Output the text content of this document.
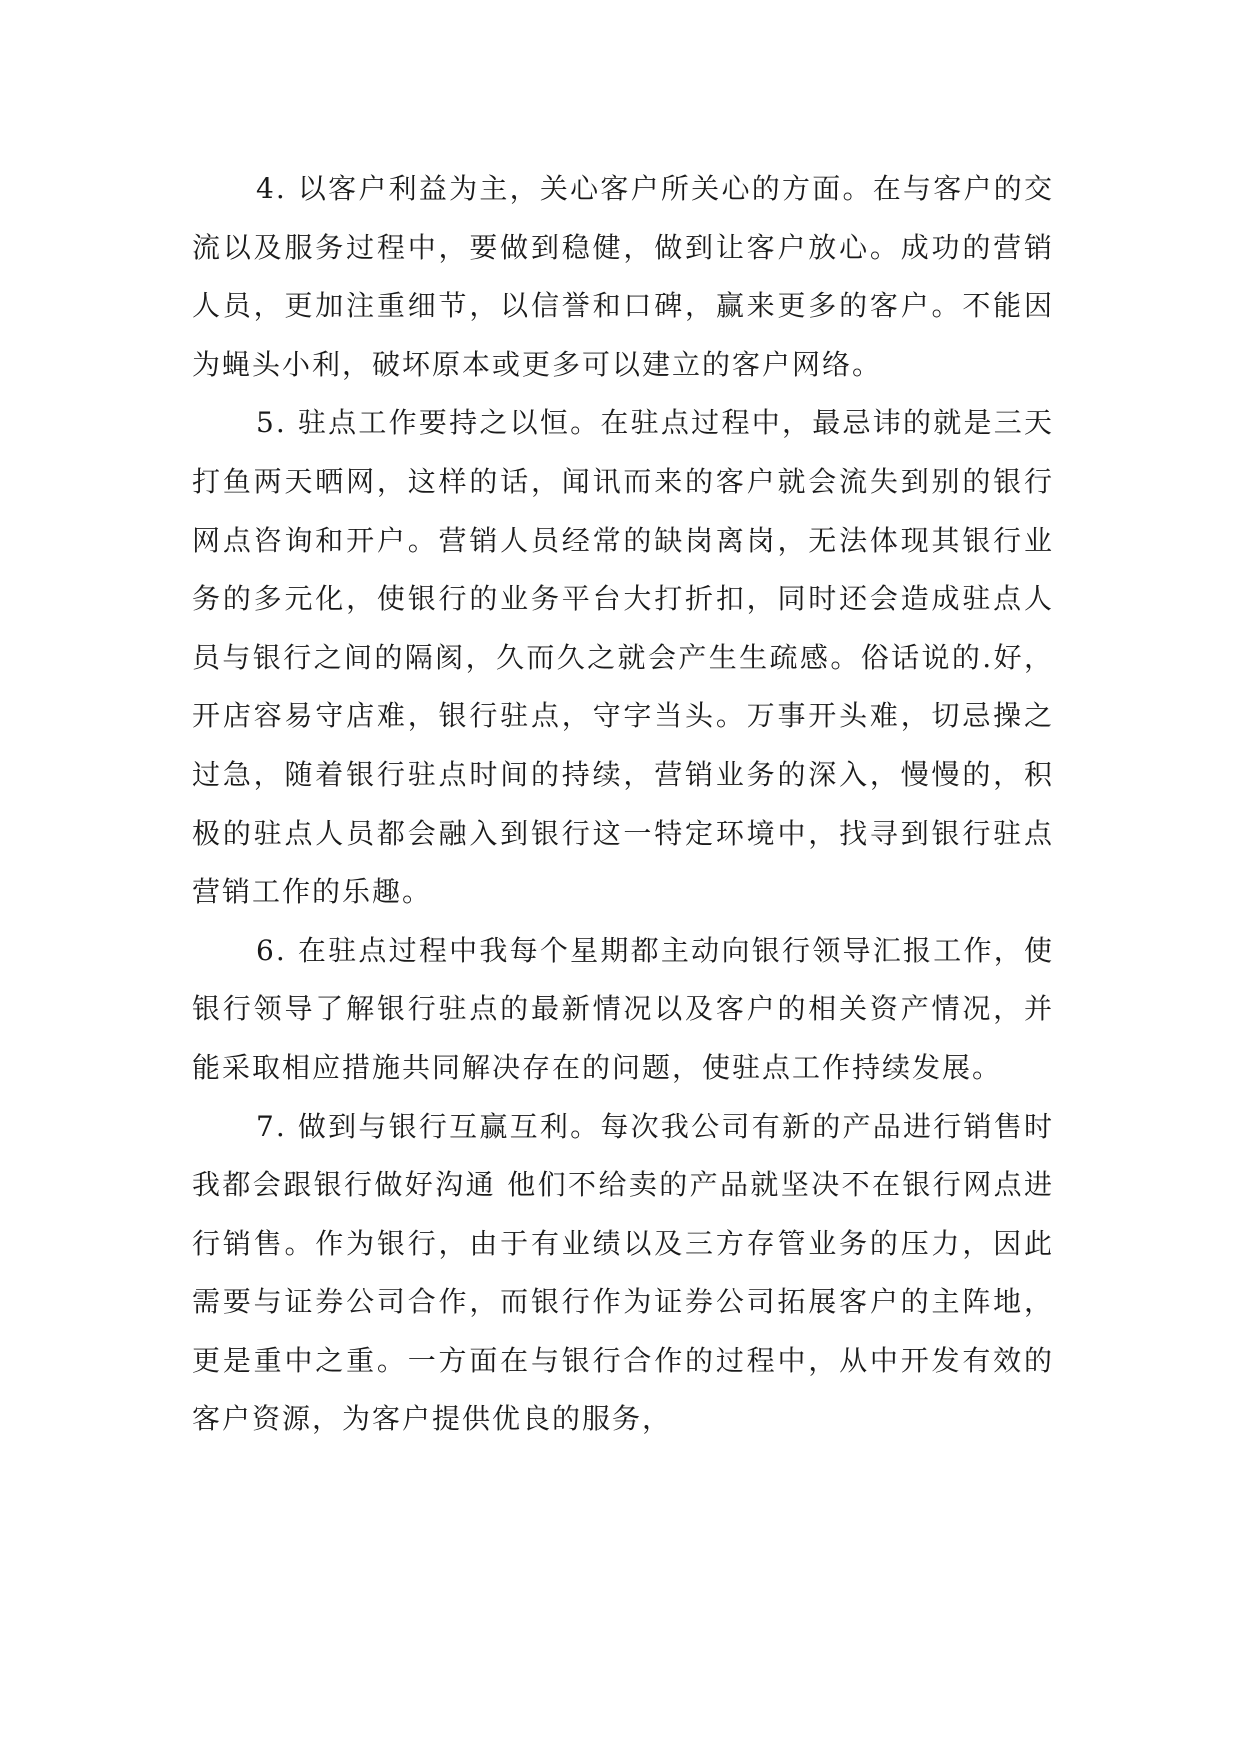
4. 以客户利益为主，关心客户所关心的方面。在与客户的交流以及服务过程中，要做到稳健，做到让客户放心。成功的营销人员，更加注重细节，以信誉和口碑，赢来更多的客户。不能因为蝇头小利，破坏原本或更多可以建立的客户网络。

5. 驻点工作要持之以恒。在驻点过程中，最忌讳的就是三天打鱼两天晒网，这样的话，闻讯而来的客户就会流失到别的银行网点咨询和开户。营销人员经常的缺岗离岗，无法体现其银行业务的多元化，使银行的业务平台大打折扣，同时还会造成驻点人员与银行之间的隔阂，久而久之就会产生生疏感。俗话说的.好，开店容易守店难，银行驻点，守字当头。万事开头难，切忌操之过急，随着银行驻点时间的持续，营销业务的深入，慢慢的，积极的驻点人员都会融入到银行这一特定环境中，找寻到银行驻点营销工作的乐趣。

6. 在驻点过程中我每个星期都主动向银行领导汇报工作，使银行领导了解银行驻点的最新情况以及客户的相关资产情况，并能采取相应措施共同解决存在的问题，使驻点工作持续发展。

7. 做到与银行互赢互利。每次我公司有新的产品进行销售时我都会跟银行做好沟通 他们不给卖的产品就坚决不在银行网点进行销售。作为银行，由于有业绩以及三方存管业务的压力，因此需要与证券公司合作，而银行作为证券公司拓展客户的主阵地，更是重中之重。一方面在与银行合作的过程中，从中开发有效的客户资源，为客户提供优良的服务，
